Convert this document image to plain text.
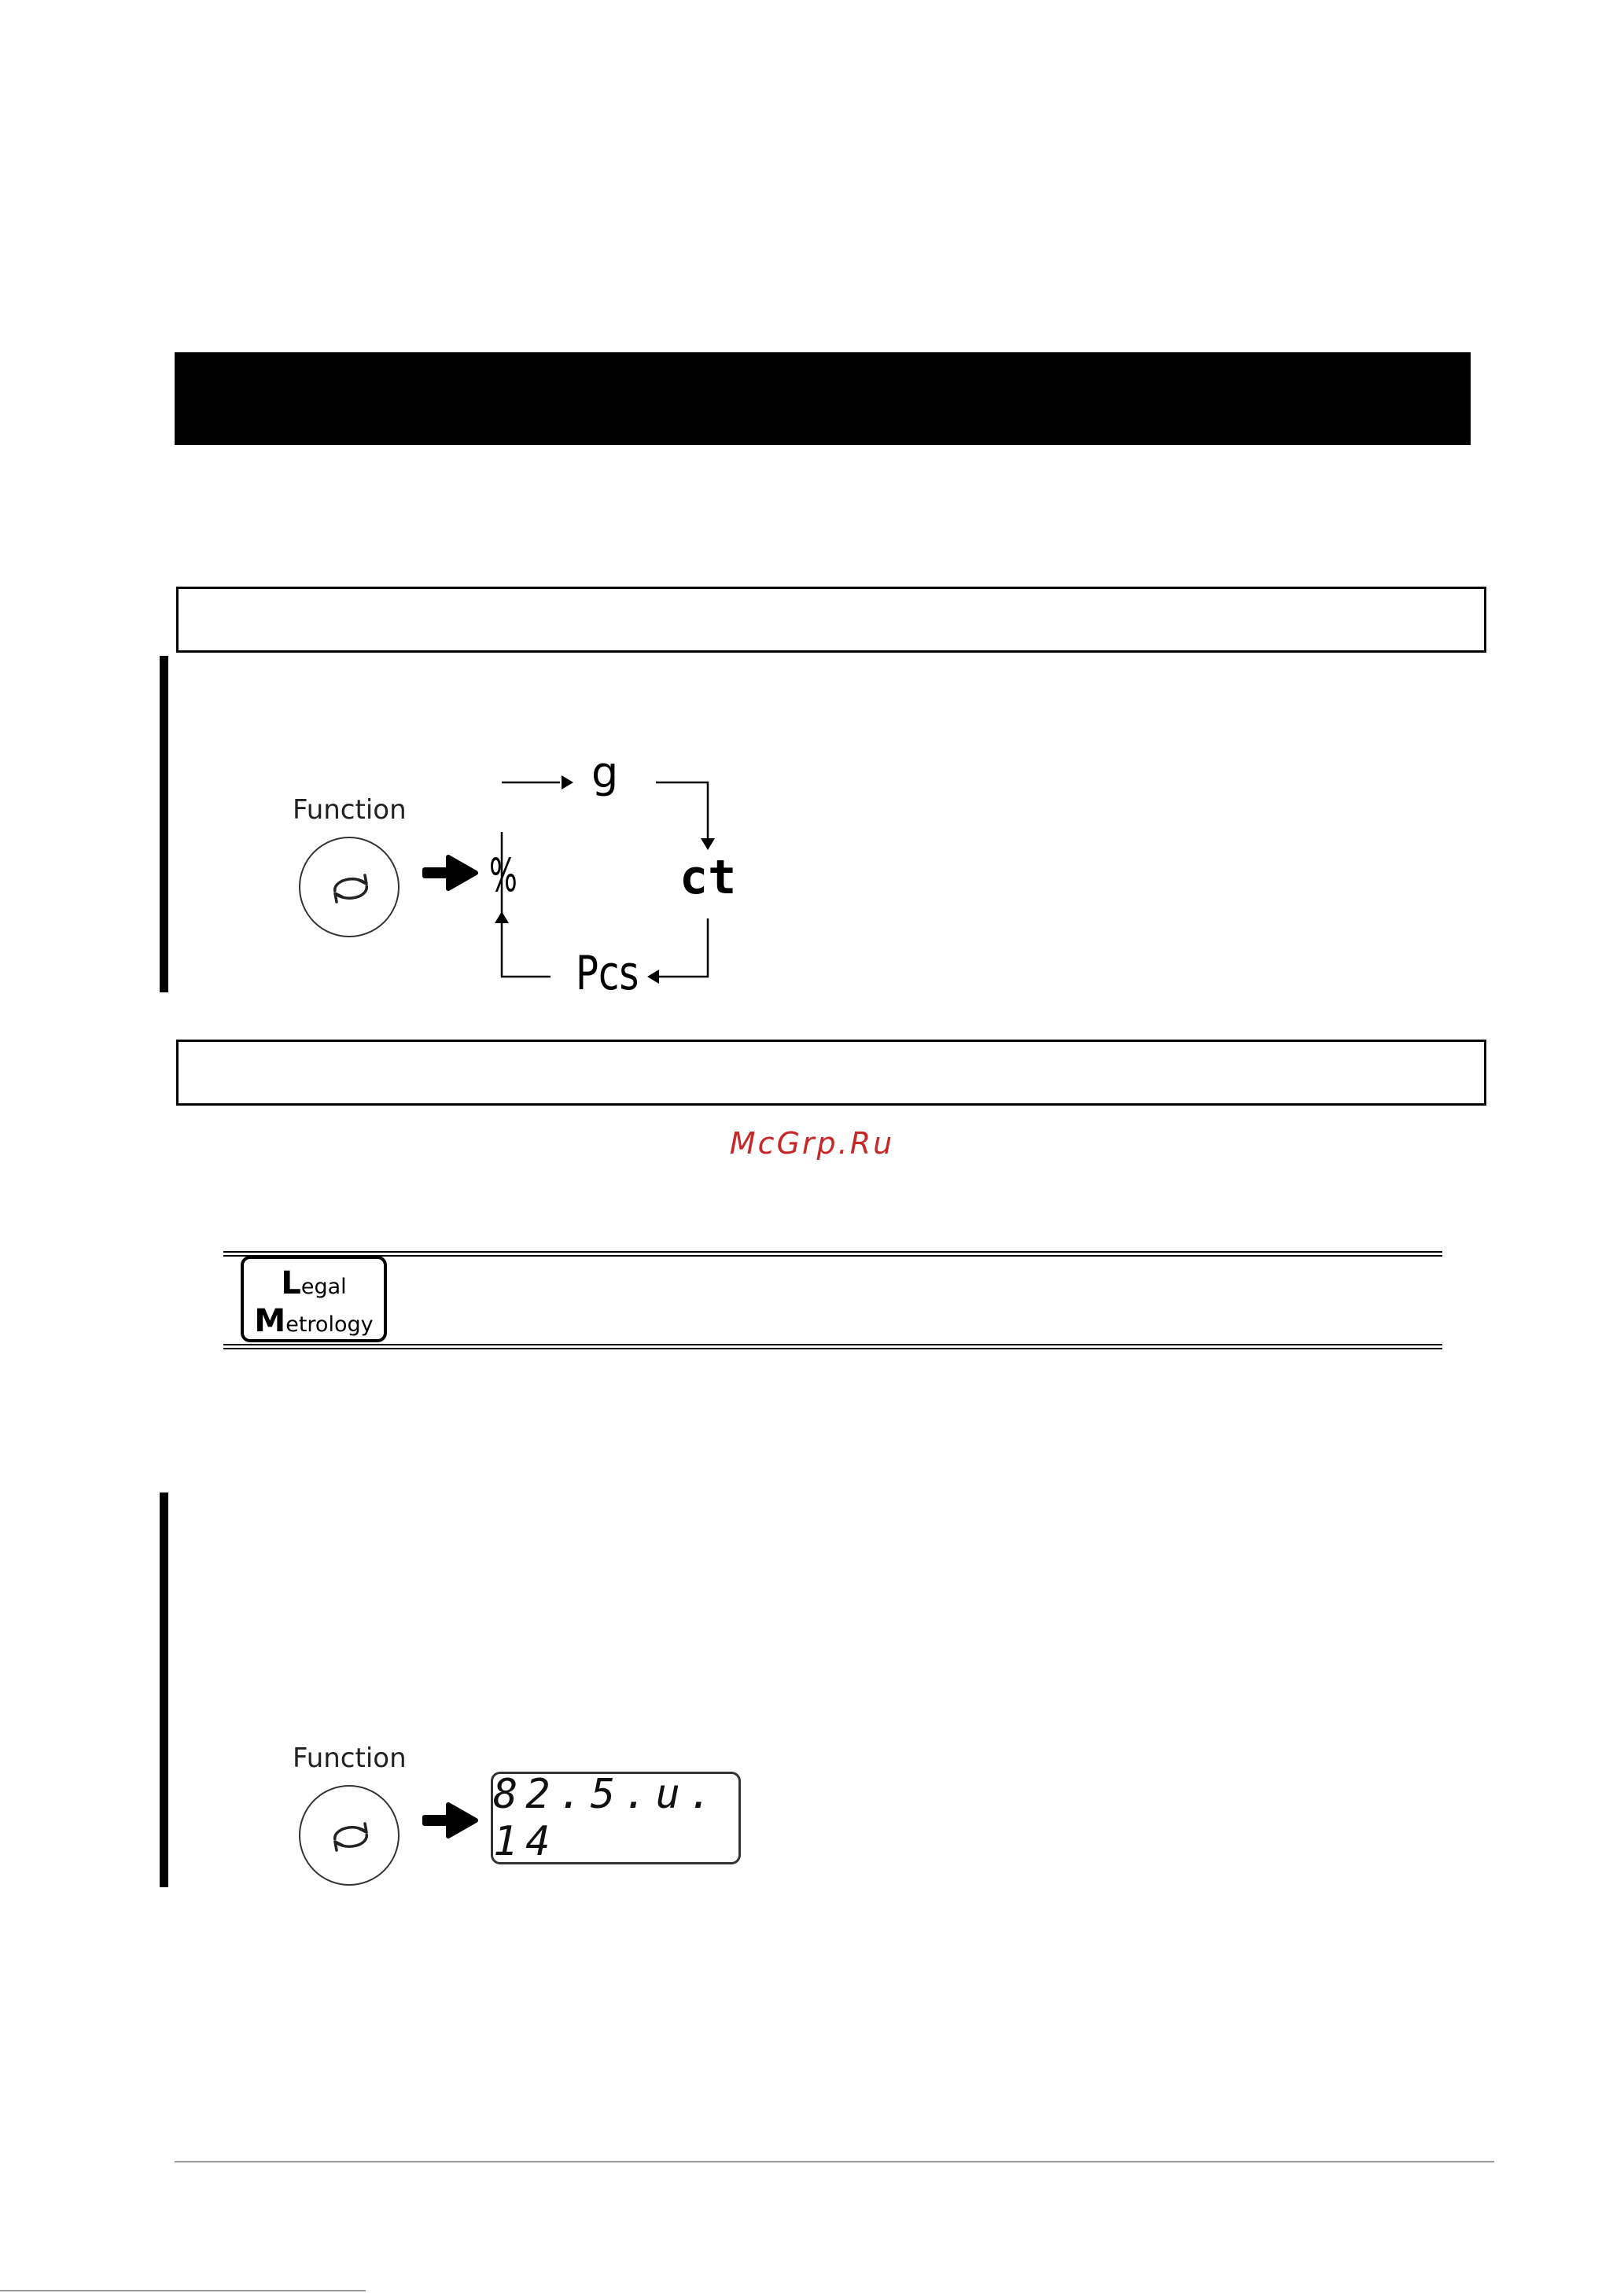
Function
g
ct
Pcs
%
McGrp.Ru
Legal
Metrology
Function
82.5.u. 14
